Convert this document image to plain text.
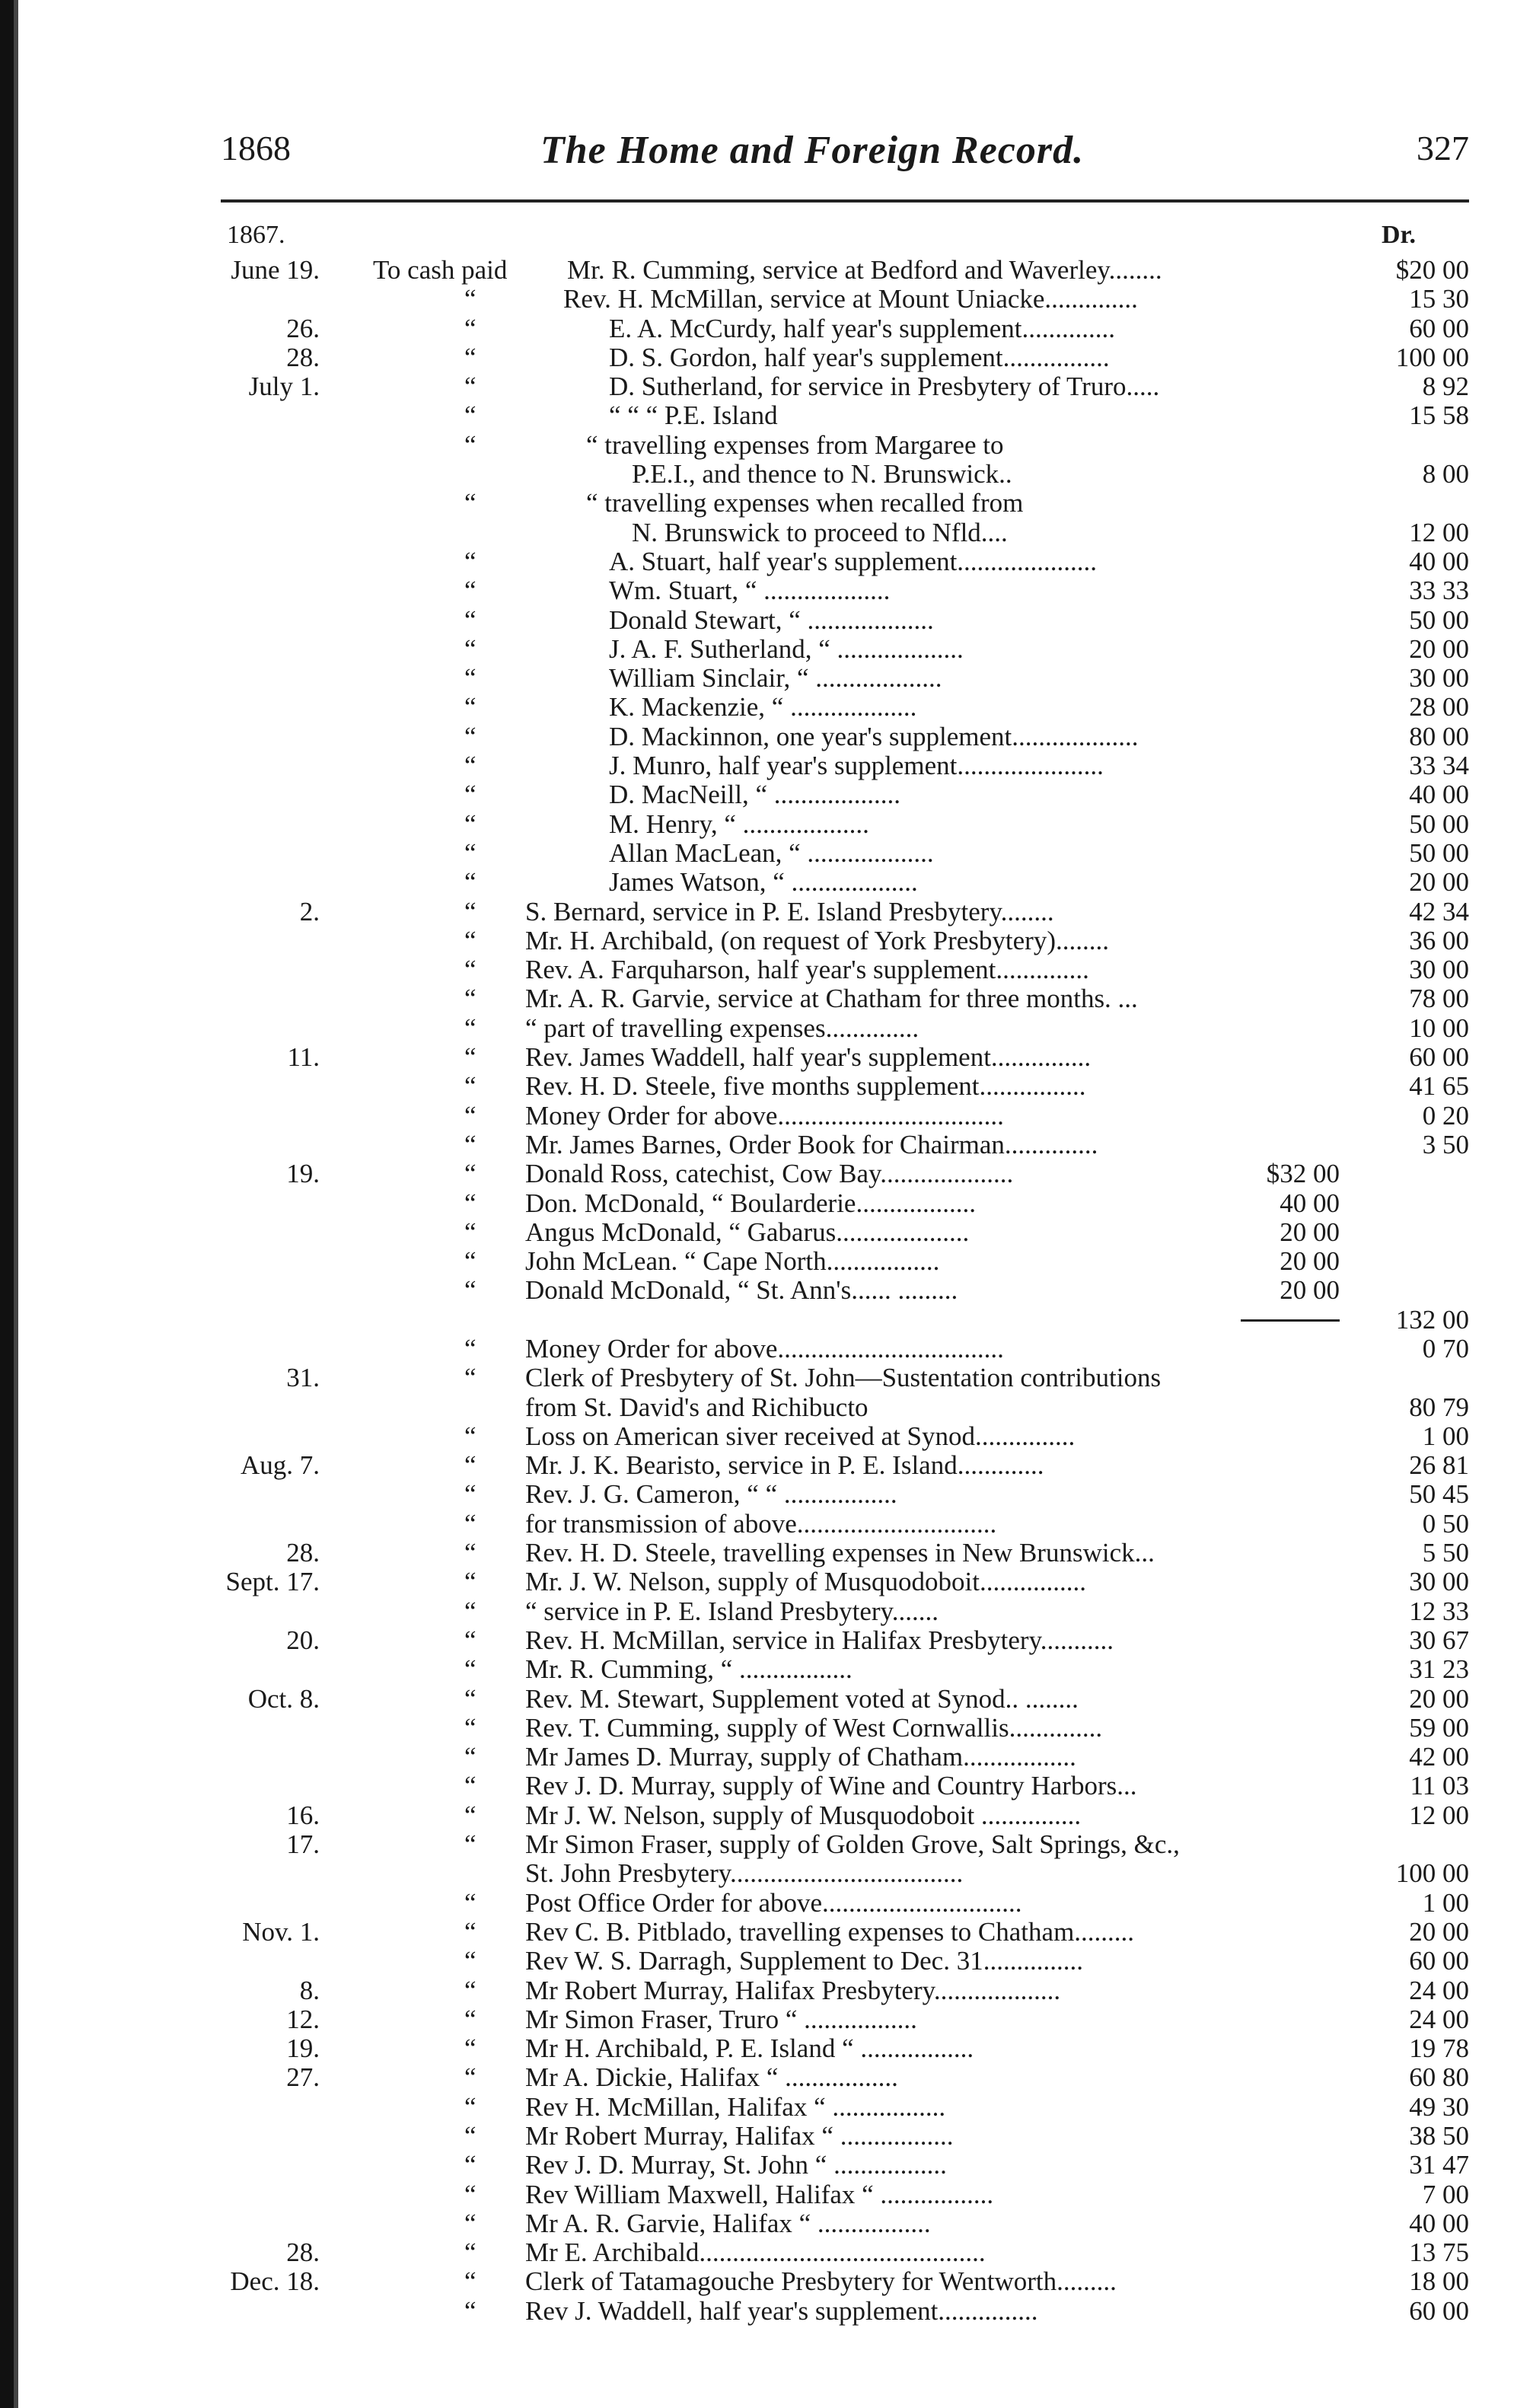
1868	The Home and Foreign Record.	327
1867.	Dr.
June 19. To cash paid Mr. R. Cumming, service at Bedford and Waverley........	$20 00
“	Rev. H. McMillan, service at Mount Uniacke..............	15 30
26.	“	E. A. McCurdy, half year's supplement..............	60 00
28.	“	D. S. Gordon, half year's supplement................	100 00
July 1.	“	D. Sutherland, for service in Presbytery of Truro.....	8 92
“	“ “ “ P.E. Island	15 58
“	“ travelling expenses from Margaree to
P.E.I., and thence to N. Brunswick..	8 00
“	“ travelling expenses when recalled from
N. Brunswick to proceed to Nfld....	12 00
“	A. Stuart, half year's supplement.....................	40 00
“	Wm. Stuart, “ ...................	33 33
“	Donald Stewart, “ ...................	50 00
“	J. A. F. Sutherland, “ ...................	20 00
“	William Sinclair, “ ...................	30 00
“	K. Mackenzie, “ ...................	28 00
“	D. Mackinnon, one year's supplement...................	80 00
“	J. Munro, half year's supplement......................	33 34
“	D. MacNeill, “ ...................	40 00
“	M. Henry, “ ...................	50 00
“	Allan MacLean, “ ...................	50 00
“	James Watson, “ ...................	20 00
2.	“ S. Bernard, service in P. E. Island Presbytery........	42 34
“ Mr. H. Archibald, (on request of York Presbytery)........	36 00
“ Rev. A. Farquharson, half year's supplement..............	30 00
“ Mr. A. R. Garvie, service at Chatham for three months. ...	78 00
“ “ part of travelling expenses..............	10 00
11.	“ Rev. James Waddell, half year's supplement...............	60 00
“ Rev. H. D. Steele, five months supplement................	41 65
“ Money Order for above..................................	0 20
“ Mr. James Barnes, Order Book for Chairman..............	3 50
19.	“ Donald Ross, catechist, Cow Bay....................	$32 00
“ Don. McDonald, “ Boularderie..................	40 00
“ Angus McDonald, “ Gabarus....................	20 00
“ John McLean. “ Cape North.................	20 00
“ Donald McDonald, “ St. Ann's...... .........	20 00
132 00
“ Money Order for above..................................	0 70
31.	“ Clerk of Presbytery of St. John—Sustentation contributions
from St. David's and Richibucto	80 79
“ Loss on American siver received at Synod...............	1 00
Aug. 7.	“ Mr. J. K. Bearisto, service in P. E. Island.............	26 81
“ Rev. J. G. Cameron, “ “ .................	50 45
“ for transmission of above..............................	0 50
28.	“ Rev. H. D. Steele, travelling expenses in New Brunswick...	5 50
Sept. 17.	“ Mr. J. W. Nelson, supply of Musquodoboit................	30 00
“ “ service in P. E. Island Presbytery.......	12 33
20.	“ Rev. H. McMillan, service in Halifax Presbytery...........	30 67
“ Mr. R. Cumming, “ .................	31 23
Oct. 8.	“ Rev. M. Stewart, Supplement voted at Synod.. ........	20 00
“ Rev. T. Cumming, supply of West Cornwallis..............	59 00
“ Mr James D. Murray, supply of Chatham.................	42 00
“ Rev J. D. Murray, supply of Wine and Country Harbors...	11 03
16.	“ Mr J. W. Nelson, supply of Musquodoboit ...............	12 00
17.	“ Mr Simon Fraser, supply of Golden Grove, Salt Springs, &c.,
St. John Presbytery...................................	100 00
“ Post Office Order for above..............................	1 00
Nov. 1.	“ Rev C. B. Pitblado, travelling expenses to Chatham.........	20 00
“ Rev W. S. Darragh, Supplement to Dec. 31...............	60 00
8.	“ Mr Robert Murray, Halifax Presbytery...................	24 00
12.	“ Mr Simon Fraser, Truro “ .................	24 00
19.	“ Mr H. Archibald, P. E. Island “ .................	19 78
27.	“ Mr A. Dickie, Halifax “ .................	60 80
“ Rev H. McMillan, Halifax “ .................	49 30
“ Mr Robert Murray, Halifax “ .................	38 50
“ Rev J. D. Murray, St. John “ .................	31 47
“ Rev William Maxwell, Halifax “ .................	7 00
“ Mr A. R. Garvie, Halifax “ .................	40 00
28.	“ Mr E. Archibald...........................................	13 75
Dec. 18.	“ Clerk of Tatamagouche Presbytery for Wentworth.........	18 00
“ Rev J. Waddell, half year's supplement...............	60 00
